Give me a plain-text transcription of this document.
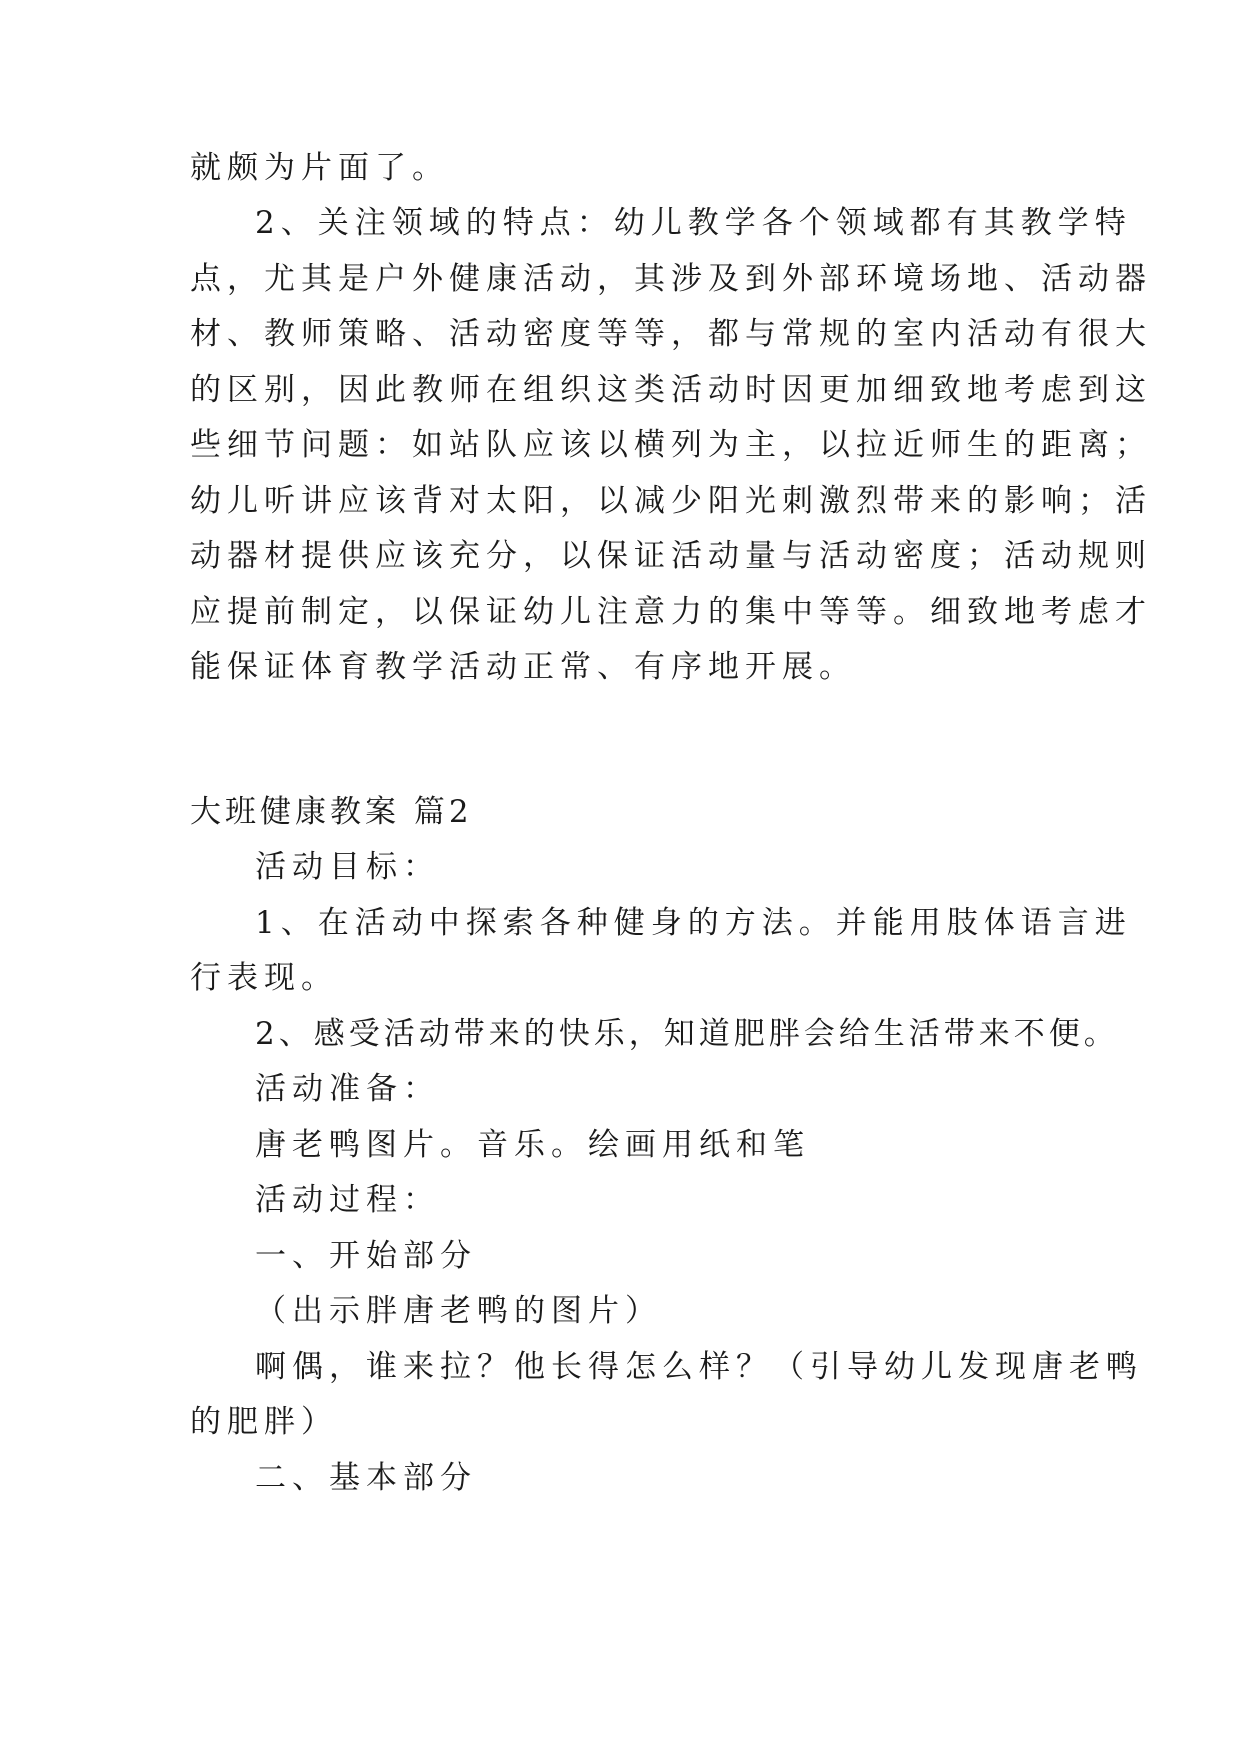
就颇为片面了。
2、关注领域的特点：幼儿教学各个领域都有其教学特
点，尤其是户外健康活动，其涉及到外部环境场地、活动器
材、教师策略、活动密度等等，都与常规的室内活动有很大
的区别，因此教师在组织这类活动时因更加细致地考虑到这
些细节问题：如站队应该以横列为主，以拉近师生的距离；
幼儿听讲应该背对太阳，以减少阳光刺激烈带来的影响；活
动器材提供应该充分，以保证活动量与活动密度；活动规则
应提前制定，以保证幼儿注意力的集中等等。细致地考虑才
能保证体育教学活动正常、有序地开展。
大班健康教案 篇2
活动目标：
1、在活动中探索各种健身的方法。并能用肢体语言进
行表现。
2、感受活动带来的快乐，知道肥胖会给生活带来不便。
活动准备：
唐老鸭图片。音乐。绘画用纸和笔
活动过程：
一、开始部分
（出示胖唐老鸭的图片）
啊偶，谁来拉？他长得怎么样？（引导幼儿发现唐老鸭
的肥胖）
二、基本部分
